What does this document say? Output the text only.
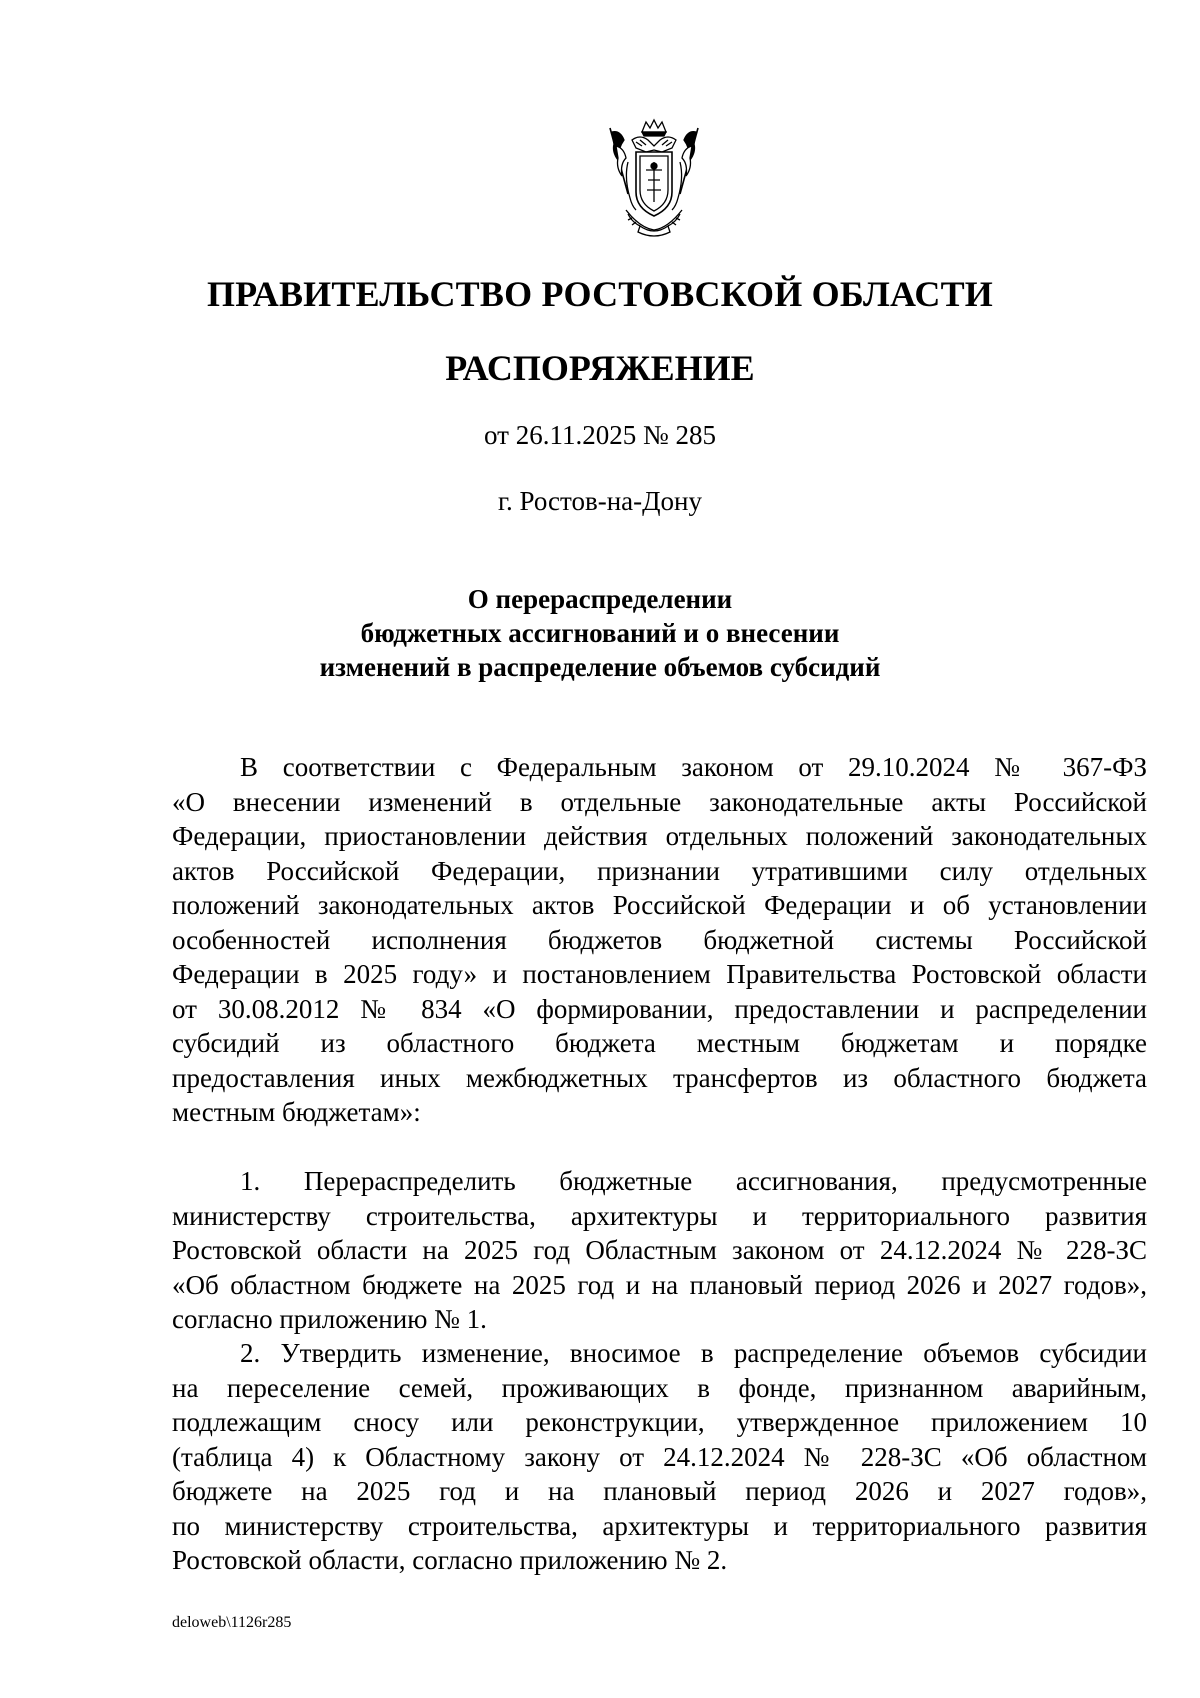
ПРАВИТЕЛЬСТВО РОСТОВСКОЙ ОБЛАСТИ
РАСПОРЯЖЕНИЕ
от 26.11.2025 № 285
г. Ростов-на-Дону
О перераспределении
бюджетных ассигнований и о внесении
изменений в распределение объемов субсидий
В соответствии с Федеральным законом от 29.10.2024 № 367-ФЗ
«О внесении изменений в отдельные законодательные акты Российской
Федерации, приостановлении действия отдельных положений законодательных
актов Российской Федерации, признании утратившими силу отдельных
положений законодательных актов Российской Федерации и об установлении
особенностей исполнения бюджетов бюджетной системы Российской
Федерации в 2025 году» и постановлением Правительства Ростовской области
от 30.08.2012 № 834 «О формировании, предоставлении и распределении
субсидий из областного бюджета местным бюджетам и порядке
предоставления иных межбюджетных трансфертов из областного бюджета
местным бюджетам»:
1. Перераспределить бюджетные ассигнования, предусмотренные
министерству строительства, архитектуры и территориального развития
Ростовской области на 2025 год Областным законом от 24.12.2024 № 228-ЗС
«Об областном бюджете на 2025 год и на плановый период 2026 и 2027 годов»,
согласно приложению № 1.
2. Утвердить изменение, вносимое в распределение объемов субсидии
на переселение семей, проживающих в фонде, признанном аварийным,
подлежащим сносу или реконструкции, утвержденное приложением 10
(таблица 4) к Областному закону от 24.12.2024 № 228-ЗС «Об областном
бюджете на 2025 год и на плановый период 2026 и 2027 годов»,
по министерству строительства, архитектуры и территориального развития
Ростовской области, согласно приложению № 2.
deloweb\1126r285
